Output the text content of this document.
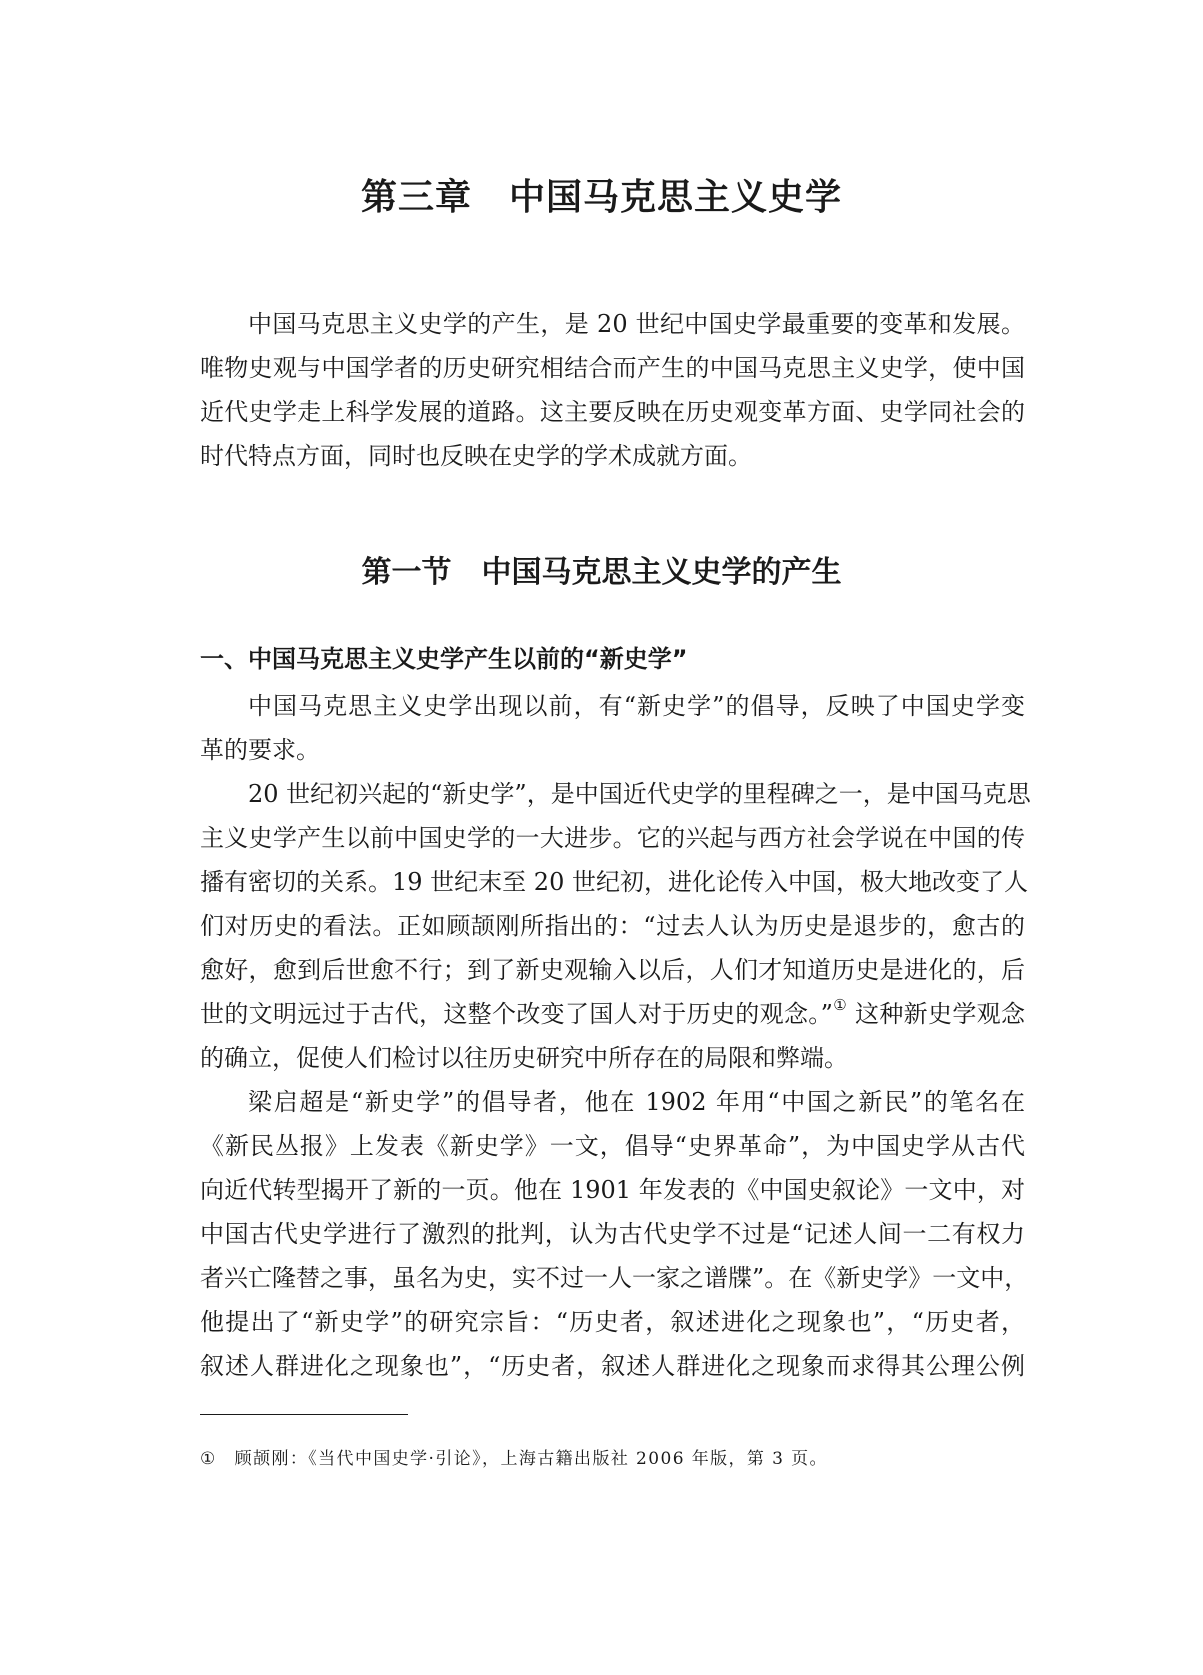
第三章　中国马克思主义史学
中国马克思主义史学的产生，是 20 世纪中国史学最重要的变革和发展。
唯物史观与中国学者的历史研究相结合而产生的中国马克思主义史学，使中国
近代史学走上科学发展的道路。这主要反映在历史观变革方面、史学同社会的
时代特点方面，同时也反映在史学的学术成就方面。
第一节　中国马克思主义史学的产生
一、中国马克思主义史学产生以前的“新史学”
中国马克思主义史学出现以前，有“新史学”的倡导，反映了中国史学变
革的要求。
20 世纪初兴起的“新史学”，是中国近代史学的里程碑之一，是中国马克思
主义史学产生以前中国史学的一大进步。它的兴起与西方社会学说在中国的传
播有密切的关系。19 世纪末至 20 世纪初，进化论传入中国，极大地改变了人
们对历史的看法。正如顾颉刚所指出的：“过去人认为历史是退步的，愈古的
愈好，愈到后世愈不行；到了新史观输入以后，人们才知道历史是进化的，后
世的文明远过于古代，这整个改变了国人对于历史的观念。”① 这种新史学观念
的确立，促使人们检讨以往历史研究中所存在的局限和弊端。
梁启超是“新史学”的倡导者，他在 1902 年用“中国之新民”的笔名在
《新民丛报》上发表《新史学》一文，倡导“史界革命”，为中国史学从古代
向近代转型揭开了新的一页。他在 1901 年发表的《中国史叙论》一文中，对
中国古代史学进行了激烈的批判，认为古代史学不过是“记述人间一二有权力
者兴亡隆替之事，虽名为史，实不过一人一家之谱牒”。在《新史学》一文中，
他提出了“新史学”的研究宗旨：“历史者，叙述进化之现象也”，“历史者，
叙述人群进化之现象也”，“历史者，叙述人群进化之现象而求得其公理公例
① 顾颉刚：《当代中国史学·引论》，上海古籍出版社 2006 年版，第 3 页。
